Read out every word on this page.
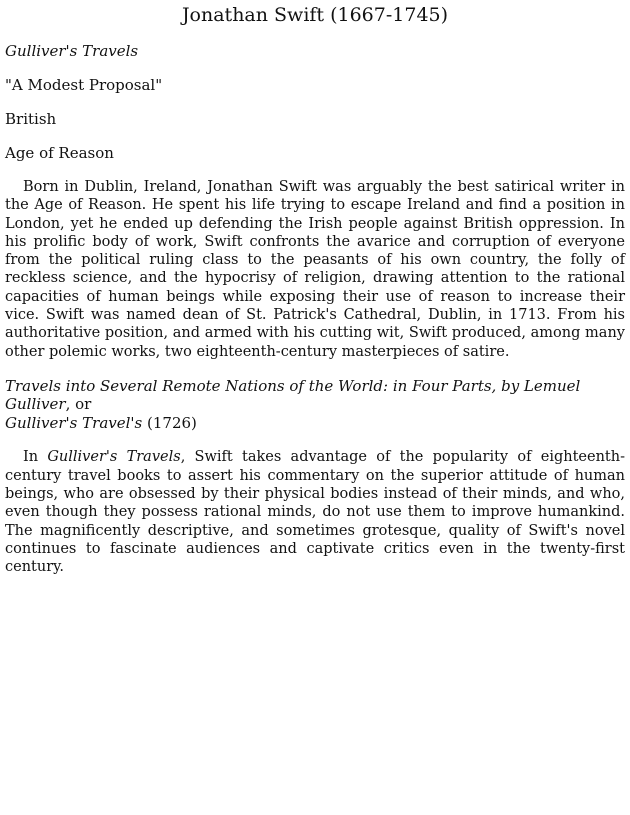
Jonathan Swift (1667-1745)

Gulliver's Travels

"A Modest Proposal"

British

Age of Reason

Born in Dublin, Ireland, Jonathan Swift was arguably the best satirical writer in the Age of Reason. He spent his life trying to escape Ireland and find a position in London, yet he ended up defending the Irish people against British oppression. In his prolific body of work, Swift confronts the avarice and corruption of everyone from the political ruling class to the peasants of his own country, the folly of reckless science, and the hypocrisy of religion, drawing attention to the rational capacities of human beings while exposing their use of reason to increase their vice. Swift was named dean of St. Patrick's Cathedral, Dublin, in 1713. From his authoritative position, and armed with his cutting wit, Swift produced, among many other polemic works, two eighteenth-century masterpieces of satire.

Travels into Several Remote Nations of the World: in Four Parts, by Lemuel Gulliver, or
Gulliver's Travel's (1726)

In Gulliver's Travels, Swift takes advantage of the popularity of eighteenth-century travel books to assert his commentary on the superior attitude of human beings, who are obsessed by their physical bodies instead of their minds, and who, even though they possess rational minds, do not use them to improve humankind. The magnificently descriptive, and sometimes grotesque, quality of Swift's novel continues to fascinate audiences and captivate critics even in the twenty-first century.
